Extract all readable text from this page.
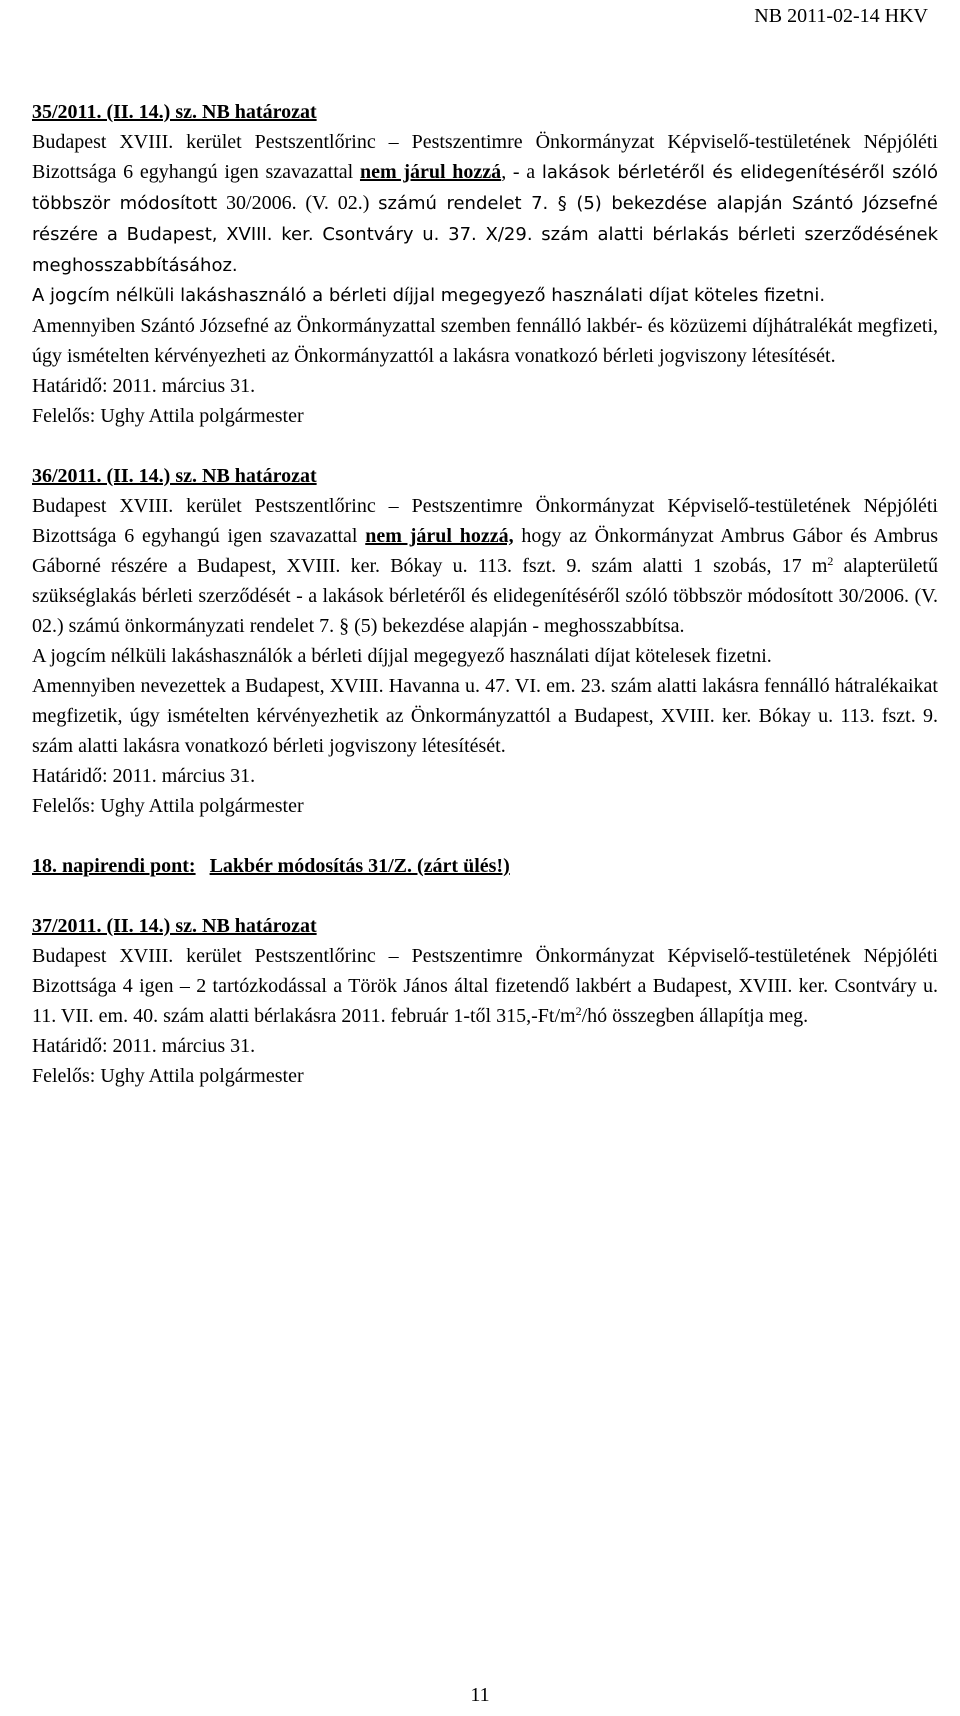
NB 2011-02-14 HKV

35/2011. (II. 14.) sz. NB határozat

Budapest XVIII. kerület Pestszentlőrinc – Pestszentimre Önkormányzat Képviselő-testületének Népjóléti Bizottsága 6 egyhangú igen szavazattal nem járul hozzá, - a lakások bérletéről és elidegenítéséről szóló többször módosított 30/2006. (V. 02.) számú rendelet 7. § (5) bekezdése alapján Szántó Józsefné részére a Budapest, XVIII. ker. Csontváry u. 37. X/29. szám alatti bérlakás bérleti szerződésének meghosszabbításához.

A jogcím nélküli lakáshasználó a bérleti díjjal megegyező használati díjat köteles fizetni.

Amennyiben Szántó Józsefné az Önkormányzattal szemben fennálló lakbér- és közüzemi díjhátralékát megfizeti, úgy ismételten kérvényezheti az Önkormányzattól a lakásra vonatkozó bérleti jogviszony létesítését.

Határidő: 2011. március 31.

Felelős: Ughy Attila polgármester

36/2011. (II. 14.) sz. NB határozat

Budapest XVIII. kerület Pestszentlőrinc – Pestszentimre Önkormányzat Képviselő-testületének Népjóléti Bizottsága 6 egyhangú igen szavazattal nem járul hozzá, hogy az Önkormányzat Ambrus Gábor és Ambrus Gáborné részére a Budapest, XVIII. ker. Bókay u. 113. fszt. 9. szám alatti 1 szobás, 17 $m^2$ alapterületű szükséglakás bérleti szerződését - a lakások bérletéről és elidegenítéséről szóló többször módosított 30/2006. (V. 02.) számú önkormányzati rendelet 7. § (5) bekezdése alapján - meghosszabbítsa.

A jogcím nélküli lakáshasználók a bérleti díjjal megegyező használati díjat kötelesek fizetni.

Amennyiben nevezettek a Budapest, XVIII. Havanna u. 47. VI. em. 23. szám alatti lakásra fennálló hátralékaikat megfizetik, úgy ismételten kérvényezhetik az Önkormányzattól a Budapest, XVIII. ker. Bókay u. 113. fszt. 9. szám alatti lakásra vonatkozó bérleti jogviszony létesítését.

Határidő: 2011. március 31.

Felelős: Ughy Attila polgármester

18. napirendi pont: Lakbér módosítás 31/Z. (zárt ülés!)

37/2011. (II. 14.) sz. NB határozat

Budapest XVIII. kerület Pestszentlőrinc – Pestszentimre Önkormányzat Képviselő-testületének Népjóléti Bizottsága 4 igen – 2 tartózkodással a Török János által fizetendő lakbért a Budapest, XVIII. ker. Csontváry u. 11. VII. em. 40. szám alatti bérlakásra 2011. február 1-től $315,-Ft/m^2/hó$ összegben állapítja meg.

Határidő: 2011. március 31.

Felelős: Ughy Attila polgármester

11
